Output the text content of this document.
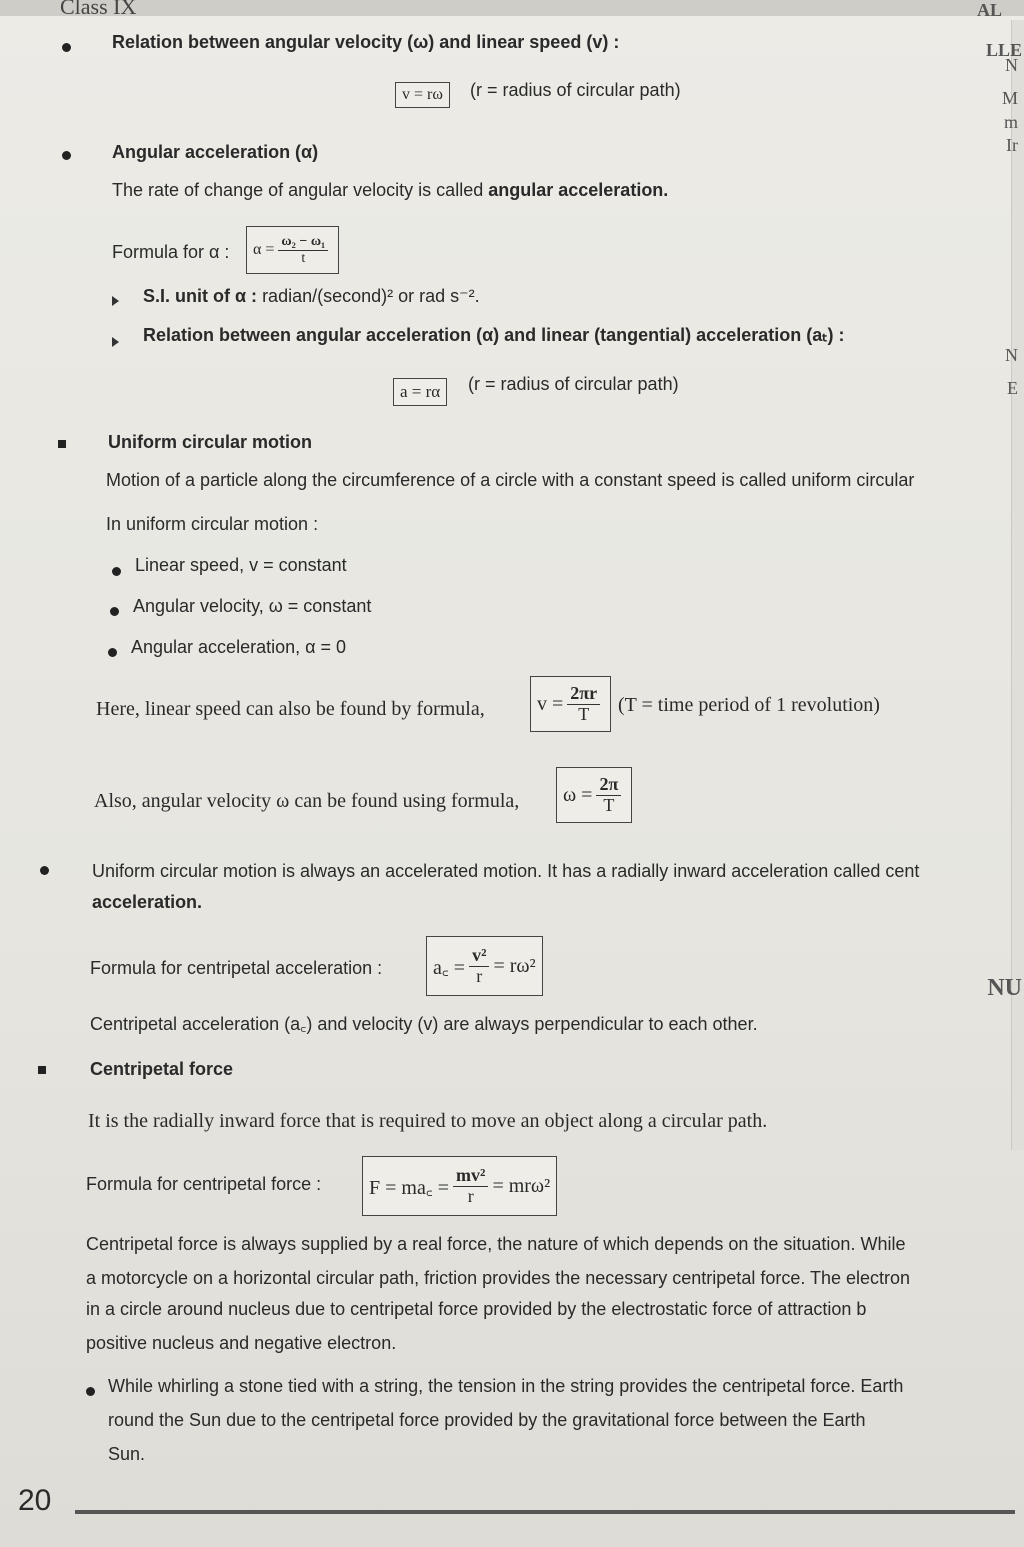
Class IX	AL
LLE
N
M
m
Ir
N
E
NU
Relation between angular velocity (ω) and linear speed (v) :
v = rω	(r = radius of circular path)
Angular acceleration (α)
The rate of change of angular velocity is called angular acceleration.
Formula for α : $\alpha = \frac{\text{ω₂ − ω₁}}{t}$
S.I. unit of α : radian/(second)² or rad s⁻².
Relation between angular acceleration (α) and linear (tangential) acceleration (aₜ) :
a = rα	(r = radius of circular path)
Uniform circular motion
Motion of a particle along the circumference of a circle with a constant speed is called uniform circular
In uniform circular motion :
Linear speed, v = constant
Angular velocity, ω = constant
Angular acceleration, α = 0
Here, linear speed can also be found by formula,	$v = \frac{2\pi r}{T} (T$ = time period of 1 revolution)
Also, angular velocity ω can be found using formula, $\omega = \frac{2\pi}{T}$
Uniform circular motion is always an accelerated motion. It has a radially inward acceleration called cent
acceleration.
Formula for centripetal acceleration :	a꜀ = $\frac{\text{v²}}{r} = r\omega^2$
Centripetal acceleration (a꜀) and velocity (v) are always perpendicular to each other.
Centripetal force
It is the radially inward force that is required to move an object along a circular path.
Formula for centripetal force : F = ma꜀ = $\frac{\text{mv²}}{r} = mr\omega^2$
Centripetal force is always supplied by a real force, the nature of which depends on the situation. While
a motorcycle on a horizontal circular path, friction provides the necessary centripetal force. The electron
in a circle around nucleus due to centripetal force provided by the electrostatic force of attraction b
positive nucleus and negative electron.
While whirling a stone tied with a string, the tension in the string provides the centripetal force. Earth
round the Sun due to the centripetal force provided by the gravitational force between the Earth
Sun.
20
